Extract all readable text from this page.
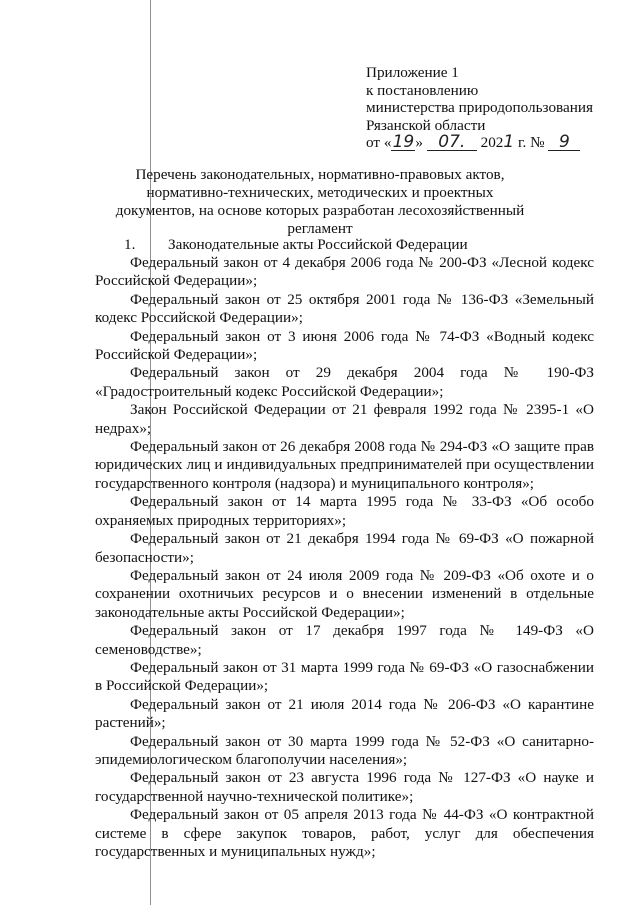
Приложение 1
к постановлению
министерства природопользования
Рязанской области
от «19» 07. 2021 г. № 9
Перечень законодательных, нормативно-правовых актов, нормативно-технических, методических и проектных документов, на основе которых разработан лесохозяйственный регламент
1. Законодательные акты Российской Федерации

Федеральный закон от 4 декабря 2006 года № 200-ФЗ «Лесной кодекс Российской Федерации»;

Федеральный закон от 25 октября 2001 года № 136-ФЗ «Земельный кодекс Российской Федерации»;

Федеральный закон от 3 июня 2006 года № 74-ФЗ «Водный кодекс Российской Федерации»;

Федеральный закон от 29 декабря 2004 года № 190-ФЗ «Градостроительный кодекс Российской Федерации»;

Закон Российской Федерации от 21 февраля 1992 года № 2395-1 «О недрах»;

Федеральный закон от 26 декабря 2008 года № 294-ФЗ «О защите прав юридических лиц и индивидуальных предпринимателей при осуществлении государственного контроля (надзора) и муниципального контроля»;

Федеральный закон от 14 марта 1995 года № 33-ФЗ «Об особо охраняемых природных территориях»;

Федеральный закон от 21 декабря 1994 года № 69-ФЗ «О пожарной безопасности»;

Федеральный закон от 24 июля 2009 года № 209-ФЗ «Об охоте и о сохранении охотничьих ресурсов и о внесении изменений в отдельные законодательные акты Российской Федерации»;

Федеральный закон от 17 декабря 1997 года № 149-ФЗ «О семеноводстве»;

Федеральный закон от 31 марта 1999 года № 69-ФЗ «О газоснабжении в Российской Федерации»;

Федеральный закон от 21 июля 2014 года № 206-ФЗ «О карантине растений»;

Федеральный закон от 30 марта 1999 года № 52-ФЗ «О санитарно-эпидемиологическом благополучии населения»;

Федеральный закон от 23 августа 1996 года № 127-ФЗ «О науке и государственной научно-технической политике»;

Федеральный закон от 05 апреля 2013 года № 44-ФЗ «О контрактной системе в сфере закупок товаров, работ, услуг для обеспечения государственных и муниципальных нужд»;
